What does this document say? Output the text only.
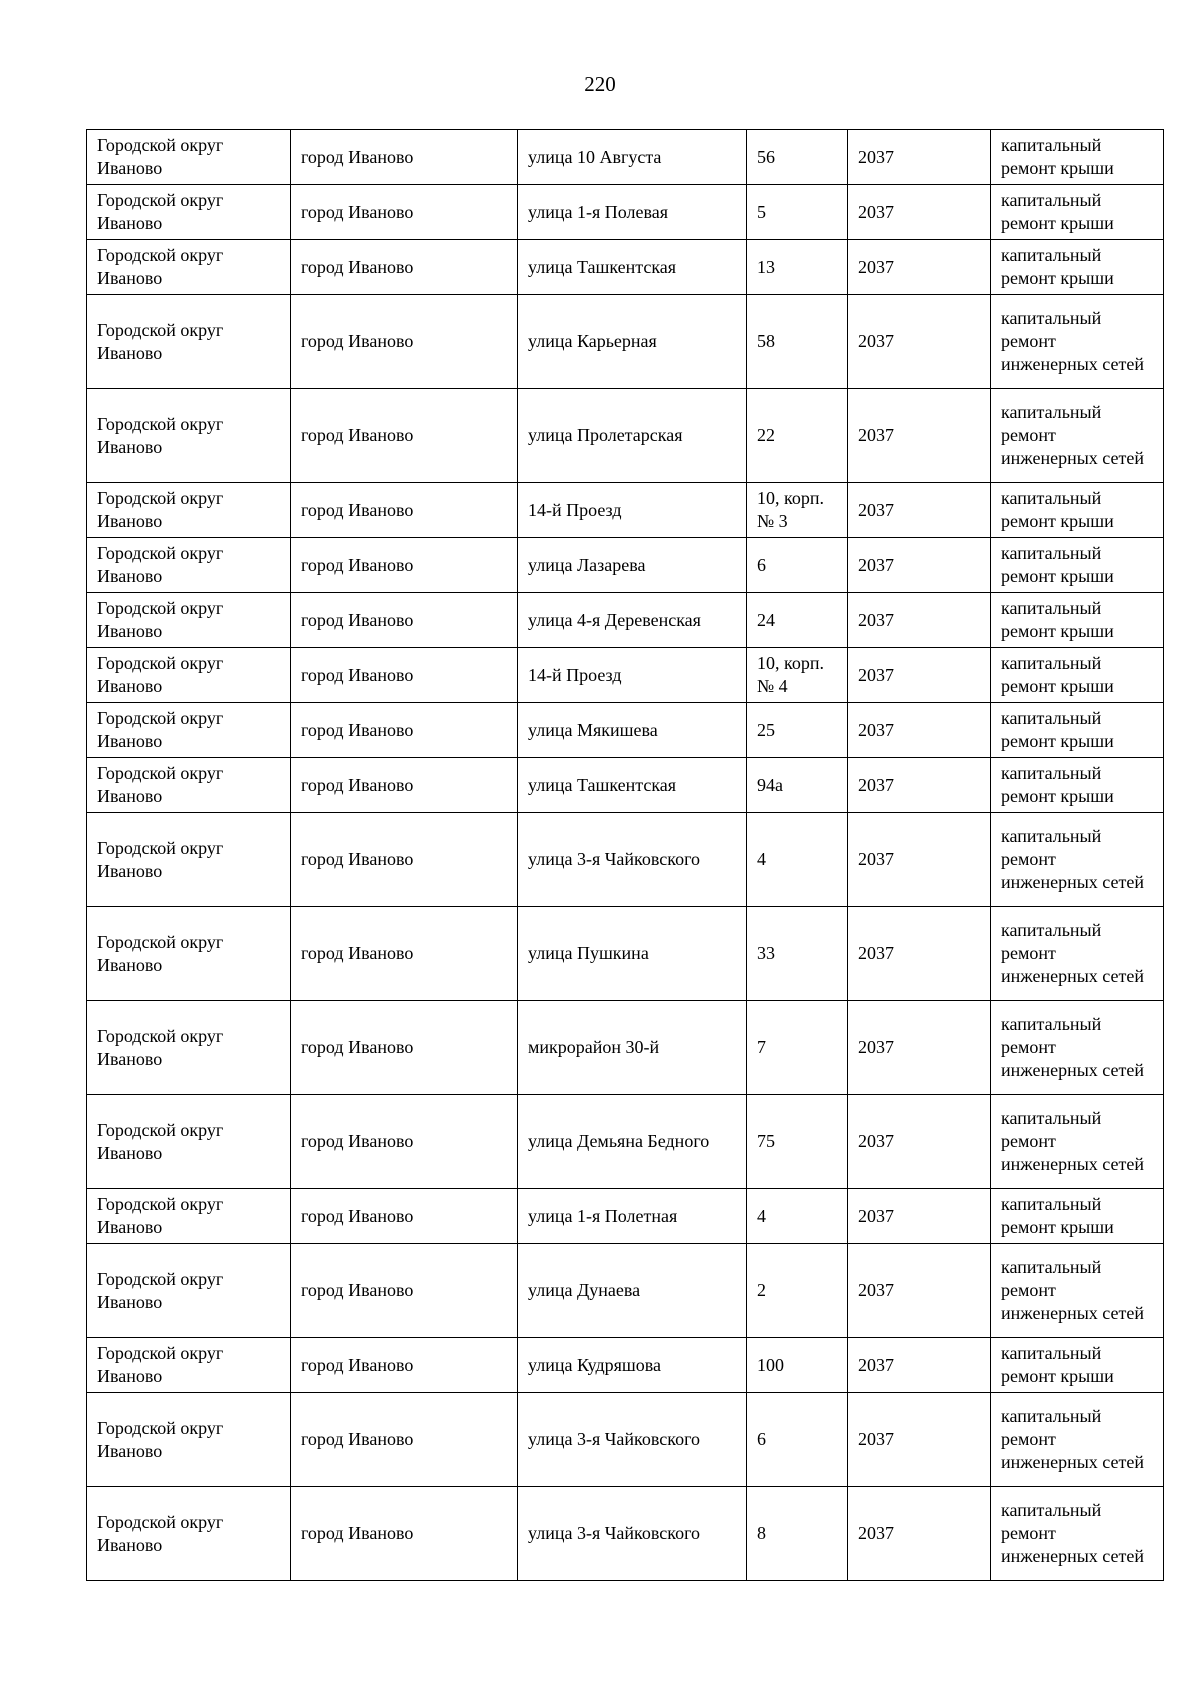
220
Городской округ Иваново	город Иваново	улица 10 Августа	56	2037	капитальный ремонт крыши
Городской округ Иваново	город Иваново	улица 1-я Полевая	5	2037	капитальный ремонт крыши
Городской округ Иваново	город Иваново	улица Ташкентская	13	2037	капитальный ремонт крыши
Городской округ Иваново	город Иваново	улица Карьерная	58	2037	капитальный ремонт инженерных сетей
Городской округ Иваново	город Иваново	улица Пролетарская	22	2037	капитальный ремонт инженерных сетей
Городской округ Иваново	город Иваново	14-й Проезд	10, корп. № 3	2037	капитальный ремонт крыши
Городской округ Иваново	город Иваново	улица Лазарева	6	2037	капитальный ремонт крыши
Городской округ Иваново	город Иваново	улица 4-я Деревенская	24	2037	капитальный ремонт крыши
Городской округ Иваново	город Иваново	14-й Проезд	10, корп. № 4	2037	капитальный ремонт крыши
Городской округ Иваново	город Иваново	улица Мякишева	25	2037	капитальный ремонт крыши
Городской округ Иваново	город Иваново	улица Ташкентская	94а	2037	капитальный ремонт крыши
Городской округ Иваново	город Иваново	улица 3-я Чайковского	4	2037	капитальный ремонт инженерных сетей
Городской округ Иваново	город Иваново	улица Пушкина	33	2037	капитальный ремонт инженерных сетей
Городской округ Иваново	город Иваново	микрорайон 30-й	7	2037	капитальный ремонт инженерных сетей
Городской округ Иваново	город Иваново	улица Демьяна Бедного	75	2037	капитальный ремонт инженерных сетей
Городской округ Иваново	город Иваново	улица 1-я Полетная	4	2037	капитальный ремонт крыши
Городской округ Иваново	город Иваново	улица Дунаева	2	2037	капитальный ремонт инженерных сетей
Городской округ Иваново	город Иваново	улица Кудряшова	100	2037	капитальный ремонт крыши
Городской округ Иваново	город Иваново	улица 3-я Чайковского	6	2037	капитальный ремонт инженерных сетей
Городской округ Иваново	город Иваново	улица 3-я Чайковского	8	2037	капитальный ремонт инженерных сетей
